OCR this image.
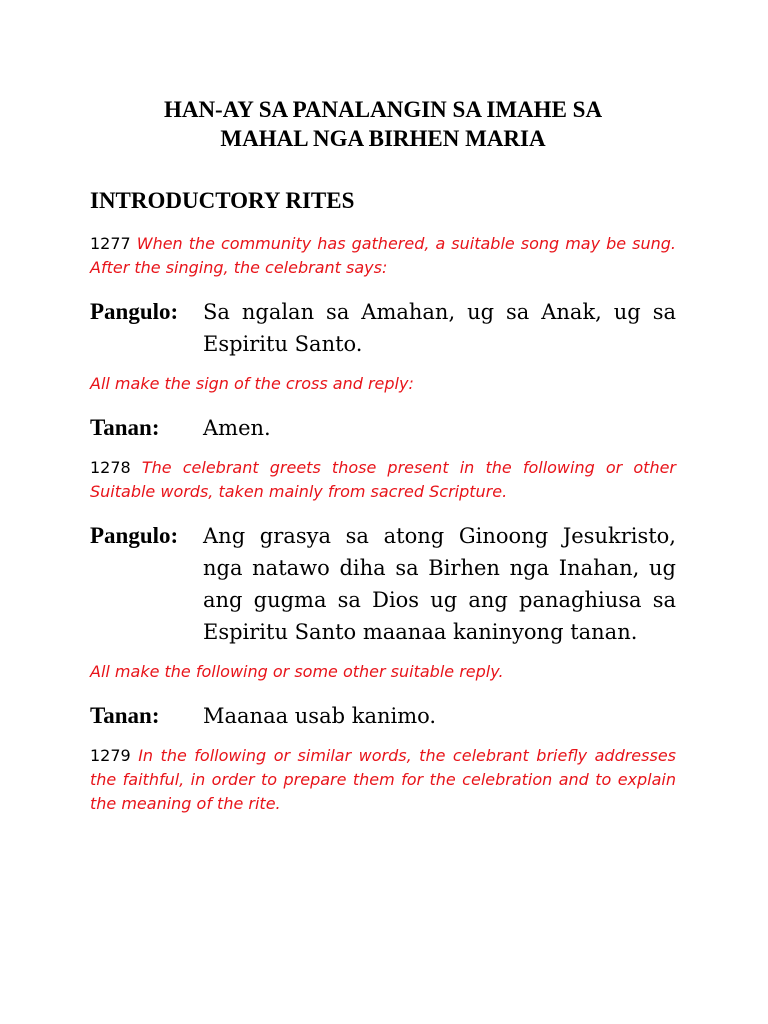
HAN-AY SA PANALANGIN SA IMAHE SA
MAHAL NGA BIRHEN MARIA
INTRODUCTORY RITES

1277 When the community has gathered, a suitable song may be sung. After the singing, the celebrant says:

Pangulo:	Sa ngalan sa Amahan, ug sa Anak, ug sa Espiritu Santo.

All make the sign of the cross and reply:

Tanan:	Amen.

1278 The celebrant greets those present in the following or other Suitable words, taken mainly from sacred Scripture.

Pangulo:	Ang grasya sa atong Ginoong Jesukristo, nga natawo diha sa Birhen nga Inahan, ug ang gugma sa Dios ug ang panaghiusa sa Espiritu Santo maanaa kaninyong tanan.

All make the following or some other suitable reply.

Tanan:	Maanaa usab kanimo.

1279 In the following or similar words, the celebrant briefly addresses the faithful, in order to prepare them for the celebration and to explain the meaning of the rite.
